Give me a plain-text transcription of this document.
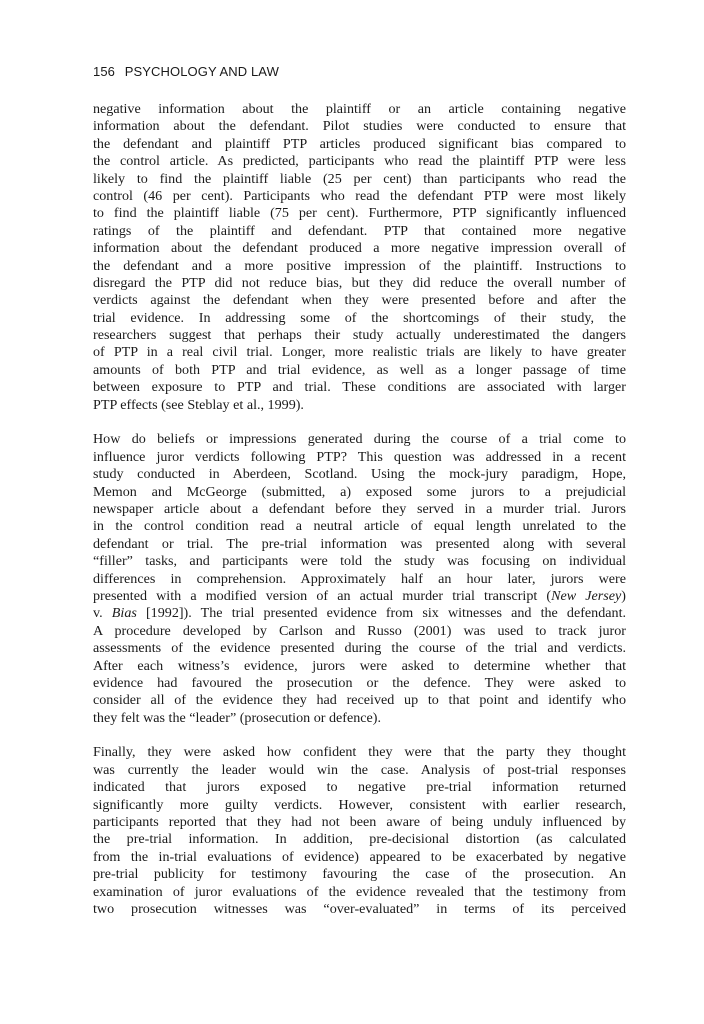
156 PSYCHOLOGY AND LAW
negative information about the plaintiff or an article containing negative
information about the defendant. Pilot studies were conducted to ensure that
the defendant and plaintiff PTP articles produced significant bias compared to
the control article. As predicted, participants who read the plaintiff PTP were less
likely to find the plaintiff liable (25 per cent) than participants who read the
control (46 per cent). Participants who read the defendant PTP were most likely
to find the plaintiff liable (75 per cent). Furthermore, PTP significantly influenced
ratings of the plaintiff and defendant. PTP that contained more negative
information about the defendant produced a more negative impression overall of
the defendant and a more positive impression of the plaintiff. Instructions to
disregard the PTP did not reduce bias, but they did reduce the overall number of
verdicts against the defendant when they were presented before and after the
trial evidence. In addressing some of the shortcomings of their study, the
researchers suggest that perhaps their study actually underestimated the dangers
of PTP in a real civil trial. Longer, more realistic trials are likely to have greater
amounts of both PTP and trial evidence, as well as a longer passage of time
between exposure to PTP and trial. These conditions are associated with larger
PTP effects (see Steblay et al., 1999).
How do beliefs or impressions generated during the course of a trial come to
influence juror verdicts following PTP? This question was addressed in a recent
study conducted in Aberdeen, Scotland. Using the mock-jury paradigm, Hope,
Memon and McGeorge (submitted, a) exposed some jurors to a prejudicial
newspaper article about a defendant before they served in a murder trial. Jurors
in the control condition read a neutral article of equal length unrelated to the
defendant or trial. The pre-trial information was presented along with several
“filler” tasks, and participants were told the study was focusing on individual
differences in comprehension. Approximately half an hour later, jurors were
presented with a modified version of an actual murder trial transcript (New Jersey)
v. Bias [1992]). The trial presented evidence from six witnesses and the defendant.
A procedure developed by Carlson and Russo (2001) was used to track juror
assessments of the evidence presented during the course of the trial and verdicts.
After each witness’s evidence, jurors were asked to determine whether that
evidence had favoured the prosecution or the defence. They were asked to
consider all of the evidence they had received up to that point and identify who
they felt was the “leader” (prosecution or defence).
Finally, they were asked how confident they were that the party they thought
was currently the leader would win the case. Analysis of post-trial responses
indicated that jurors exposed to negative pre-trial information returned
significantly more guilty verdicts. However, consistent with earlier research,
participants reported that they had not been aware of being unduly influenced by
the pre-trial information. In addition, pre-decisional distortion (as calculated
from the in-trial evaluations of evidence) appeared to be exacerbated by negative
pre-trial publicity for testimony favouring the case of the prosecution. An
examination of juror evaluations of the evidence revealed that the testimony from
two prosecution witnesses was “over-evaluated” in terms of its perceived
